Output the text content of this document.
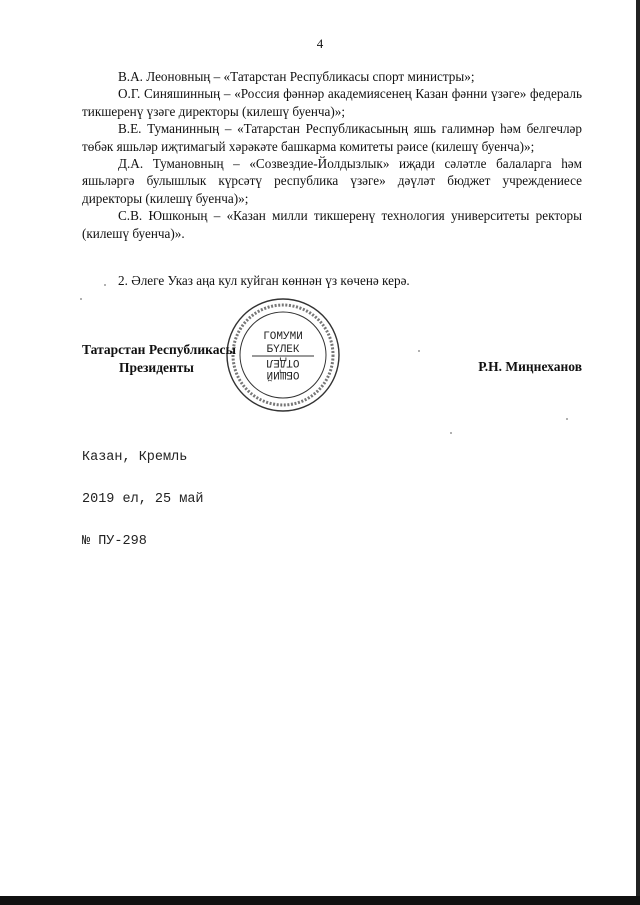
4

В.А. Леоновның – «Татарстан Республикасы спорт министры»;

О.Г. Синяшинның – «Россия фәннәр академиясенең Казан фәнни үзәге» федераль тикшеренү үзәге директоры (килешү буенча)»;

В.Е. Туманинның – «Татарстан Республикасының яшь галимнәр һәм белгечләр төбәк яшьләр иҗтимагый хәрәкәте башкарма комитеты рәисе (килешү буенча)»;

Д.А. Тумановның – «Созвездие-Йолдызлык» иҗади сәләтле балаларга һәм яшьләргә булышлык күрсәтү республика үзәге» дәүләт бюджет учреждениесе директоры (килешү буенча)»;

С.В. Юшконың – «Казан милли тикшеренү технология университеты ректоры (килешү буенча)».

2. Әлеге Указ аңа кул куйган көннән үз көченә керә.
ГОМУМИ
БҮЛЕК
ОТДЕЛ
ОБЩИЙ
Татарстан Республикасы
Президенты	Р.Н. Миңнеханов

Казан, Кремль

2019 ел, 25 май

№ ПУ-298
